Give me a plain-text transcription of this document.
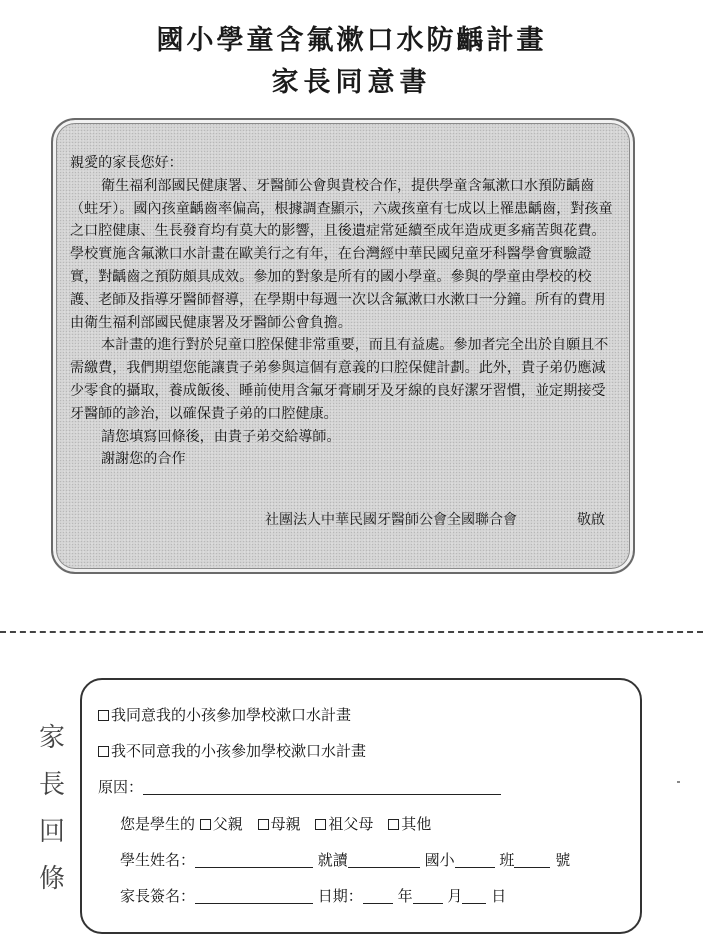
國小學童含氟漱口水防齲計畫
家長同意書

親愛的家長您好：

衛生福利部國民健康署、牙醫師公會與貴校合作，提供學童含氟漱口水預防齲齒（蛀牙）。國內孩童齲齒率偏高，根據調查顯示，六歲孩童有七成以上罹患齲齒，對孩童之口腔健康、生長發育均有莫大的影響，且後遺症常延續至成年造成更多痛苦與花費。學校實施含氟漱口水計畫在歐美行之有年，在台灣經中華民國兒童牙科醫學會實驗證實，對齲齒之預防頗具成效。參加的對象是所有的國小學童。參與的學童由學校的校護、老師及指導牙醫師督導，在學期中每週一次以含氟漱口水漱口一分鐘。所有的費用由衛生福利部國民健康署及牙醫師公會負擔。

本計畫的進行對於兒童口腔保健非常重要，而且有益處。參加者完全出於自願且不需繳費，我們期望您能讓貴子弟參與這個有意義的口腔保健計劃。此外，貴子弟仍應減少零食的攝取，養成飯後、睡前使用含氟牙膏刷牙及牙線的良好潔牙習慣，並定期接受牙醫師的診治，以確保貴子弟的口腔健康。

請您填寫回條後，由貴子弟交給導師。

謝謝您的合作

社團法人中華民國牙醫師公會全國聯合會	敬啟
家
長
回
條
我同意我的小孩參加學校漱口水計畫
我不同意我的小孩參加學校漱口水計畫
原因：
您是學生的 父親 母親 祖父母 其他
學生姓名：	就讀	國小	班	號
家長簽名：	日期： 年 月 日
